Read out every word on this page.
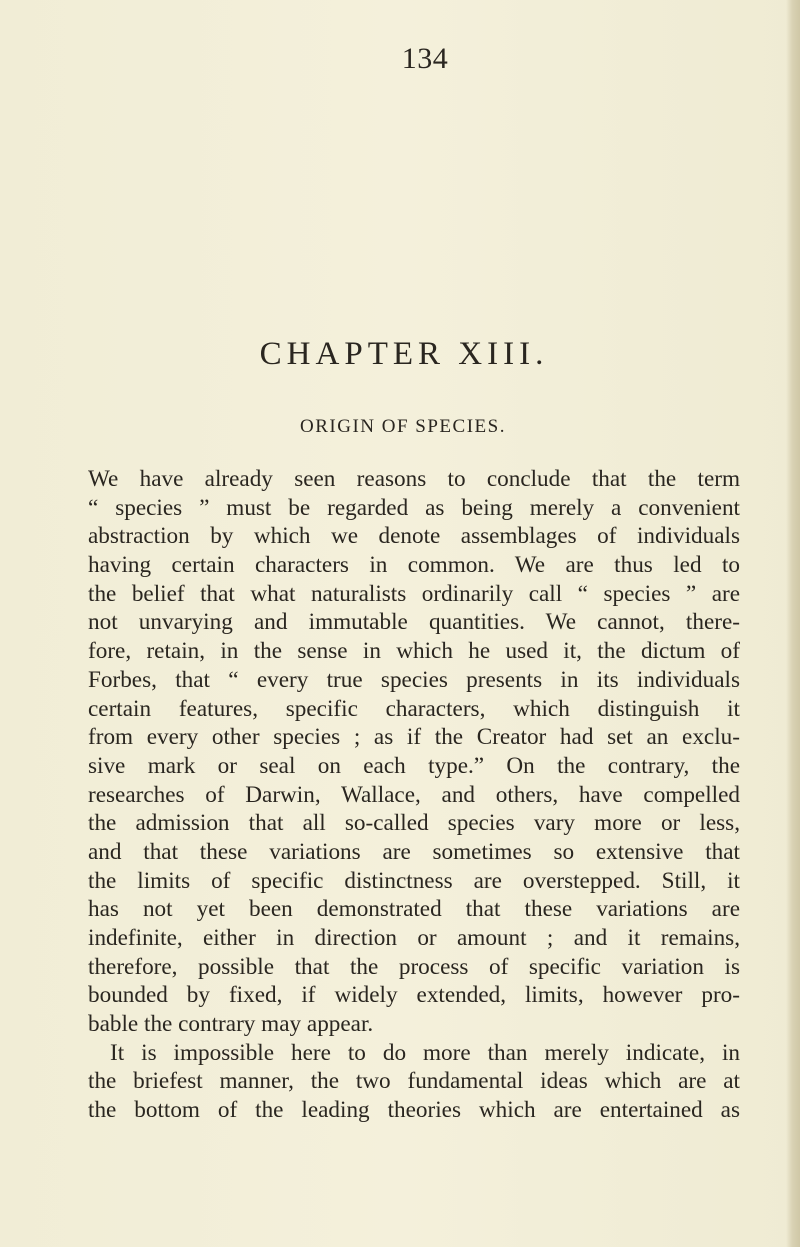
134
CHAPTER XIII.
ORIGIN OF SPECIES.
We have already seen reasons to conclude that the term
“ species ” must be regarded as being merely a convenient
abstraction by which we denote assemblages of individuals
having certain characters in common. We are thus led to
the belief that what naturalists ordinarily call “ species ” are
not unvarying and immutable quantities. We cannot, there-
fore, retain, in the sense in which he used it, the dictum of
Forbes, that “ every true species presents in its individuals
certain features, specific characters, which distinguish it
from every other species ; as if the Creator had set an exclu-
sive mark or seal on each type.” On the contrary, the
researches of Darwin, Wallace, and others, have compelled
the admission that all so-called species vary more or less,
and that these variations are sometimes so extensive that
the limits of specific distinctness are overstepped. Still, it
has not yet been demonstrated that these variations are
indefinite, either in direction or amount ; and it remains,
therefore, possible that the process of specific variation is
bounded by fixed, if widely extended, limits, however pro-
bable the contrary may appear.
It is impossible here to do more than merely indicate, in
the briefest manner, the two fundamental ideas which are at
the bottom of the leading theories which are entertained as
